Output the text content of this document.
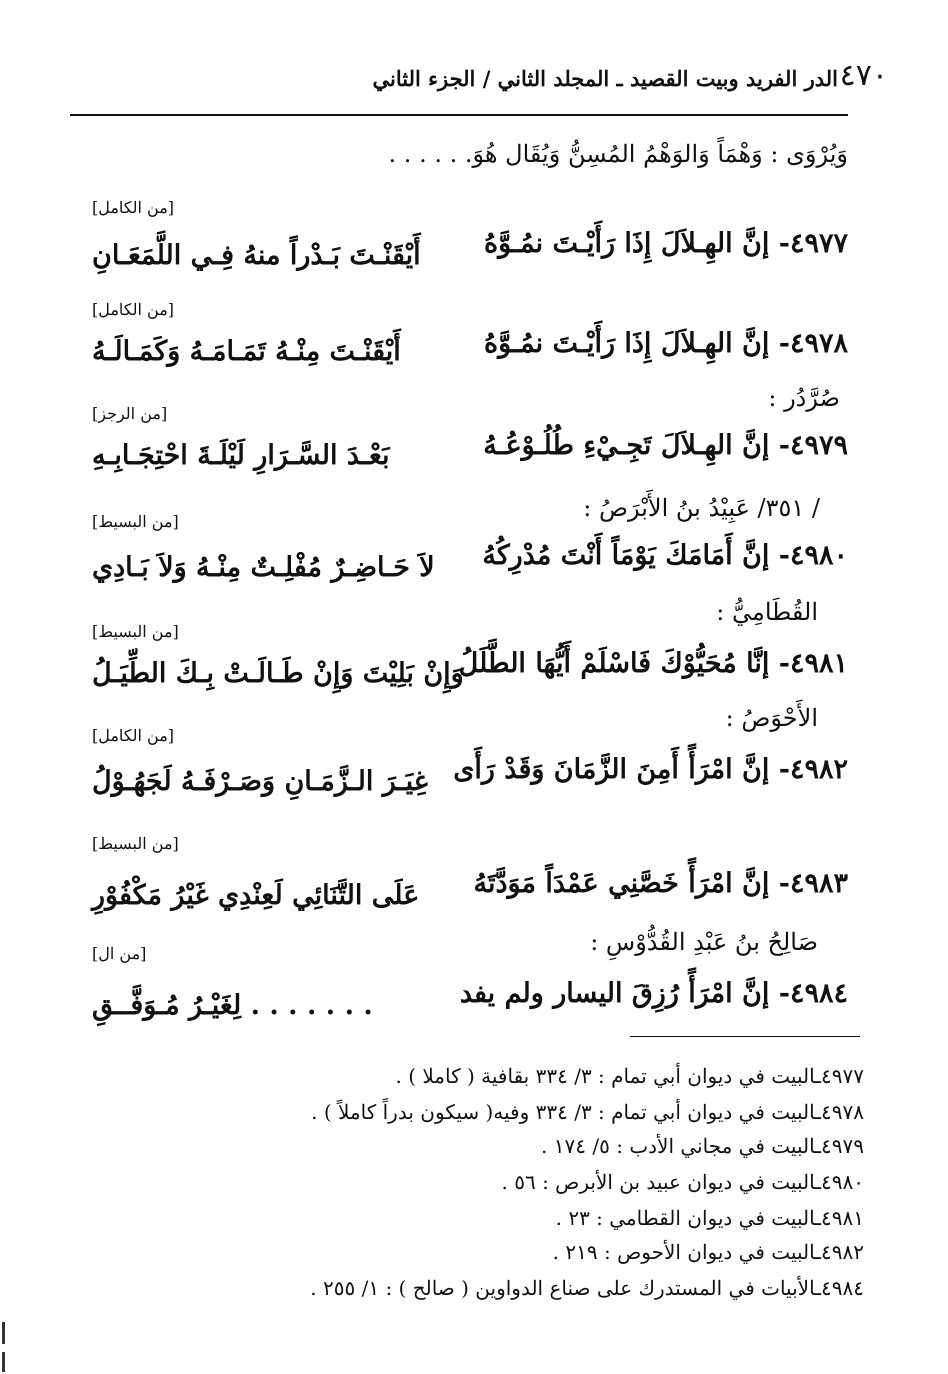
٤٧٠
الدر الفريد وبيت القصيد ـ المجلد الثاني / الجزء الثاني
وَيُرْوَى : وَهْمَاً وَالوَهْمُ المُسِنُّ وَيُقَال هُوَ. . . . . .
[من الكامل]
٤٩٧٧- إنَّ الهِـلاَلَ إِذَا رَأَيْـتَ نمُـوَّهُ
أَيْقَنْـتَ بَـدْراً منهُ فِـي اللَّمَعَـانِ
[من الكامل]
٤٩٧٨- إنَّ الهِـلاَلَ إِذَا رَأَيْـتَ نمُـوَّهُ
أَيْقَنْـتَ مِنْـهُ تَمَـامَـهُ وَكَمَـالَـهُ
صُرَّدُر :
[من الرجز]
٤٩٧٩- إنَّ الهِـلاَلَ تَجِـيْءِ طُلُـوْعُـهُ
بَعْـدَ السَّـرَارِ لَيْلَـةَ احْتِجَـابِـهِ
/ ٣٥١/ عَبِيْدُ بنُ الأَبْرَصُ :
[من البسيط]
٤٩٨٠- إنَّ أَمَامَكَ يَوْمَاً أَنْتَ مُدْرِكُهُ
لاَ حَـاضِـرٌ مُفْلِـتٌ مِنْـهُ وَلاَ بَـادِي
القُطَامِيُّ :
[من البسيط]
٤٩٨١- إنَّا مُحَيُّوْكَ فَاسْلَمْ أَيُّهَا الطَّلَلُ
وَإِنْ بَلِيْتَ وَإِنْ طَـالَـتْ بِـكَ الطِّيَـلُ
الأَحْوَصُ :
[من الكامل]
٤٩٨٢- إنَّ امْرَأً أَمِنَ الزَّمَانَ وَقَدْ رَأَى
غِيَـرَ الـزَّمَـانِ وَصَـرْفَـهُ لَجَهُـوْلُ
[من البسيط]
٤٩٨٣- إنَّ امْرَأً خَصَّنِي عَمْدَاً مَوَدَّتَهُ
عَلَى التَّنَائِي لَعِنْدِي غَيْرُ مَكْفُوْرِ
صَالِحُ بنُ عَبْدِ القُدُّوْسِ :
[من ال]
٤٩٨٤- إنَّ امْرَأً رُزِقَ اليسار ولم يفد
. . . . . . . لِغَيْـرُ مُـوَفَّــقِ
٤٩٧٧ـالبيت في ديوان أبي تمام : ٣/ ٣٣٤ بقافية ( كاملا ) .
٤٩٧٨ـالبيت في ديوان أبي تمام : ٣/ ٣٣٤ وفيه( سيكون بدراً كاملاً ) .
٤٩٧٩ـالبيت في مجاني الأدب : ٥/ ١٧٤ .
٤٩٨٠ـالبيت في ديوان عبيد بن الأبرص : ٥٦ .
٤٩٨١ـالبيت في ديوان القطامي : ٢٣ .
٤٩٨٢ـالبيت في ديوان الأحوص : ٢١٩ .
٤٩٨٤ـالأبيات في المستدرك على صناع الدواوين ( صالح ) : ١/ ٢٥٥ .
